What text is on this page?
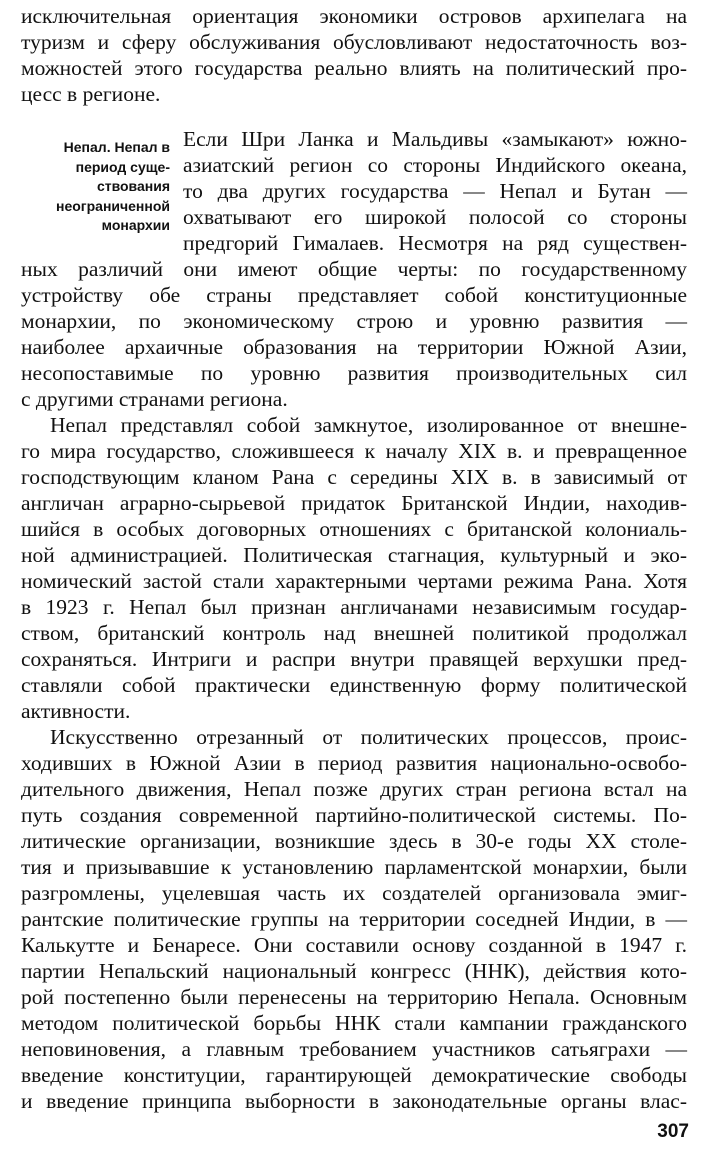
исключительная ориентация экономики островов архипелага на
туризм и сферу обслуживания обусловливают недостаточность воз-
можностей этого государства реально влиять на политический про-
цесс в регионе.
Непал. Непал в
период суще-
ствования
неограниченной
монархии
Если Шри Ланка и Мальдивы «замыкают» южно-
азиатский регион со стороны Индийского океана,
то два других государства — Непал и Бутан —
охватывают его широкой полосой со стороны
предгорий Гималаев. Несмотря на ряд существен-
ных различий они имеют общие черты: по государственному
устройству обе страны представляет собой конституционные
монархии, по экономическому строю и уровню развития —
наиболее архаичные образования на территории Южной Азии,
несопоставимые по уровню развития производительных сил
с другими странами региона.
Непал представлял собой замкнутое, изолированное от внешне-
го мира государство, сложившееся к началу XIX в. и превращенное
господствующим кланом Рана с середины XIX в. в зависимый от
англичан аграрно-сырьевой придаток Британской Индии, находив-
шийся в особых договорных отношениях с британской колониаль-
ной администрацией. Политическая стагнация, культурный и эко-
номический застой стали характерными чертами режима Рана. Хотя
в 1923 г. Непал был признан англичанами независимым государ-
ством, британский контроль над внешней политикой продолжал
сохраняться. Интриги и распри внутри правящей верхушки пред-
ставляли собой практически единственную форму политической
активности.
Искусственно отрезанный от политических процессов, проис-
ходивших в Южной Азии в период развития национально-освобо-
дительного движения, Непал позже других стран региона встал на
путь создания современной партийно-политической системы. По-
литические организации, возникшие здесь в 30-е годы XX столе-
тия и призывавшие к установлению парламентской монархии, были
разгромлены, уцелевшая часть их создателей организовала эмиг-
рантские политические группы на территории соседней Индии, в —
Калькутте и Бенаресе. Они составили основу созданной в 1947 г.
партии Непальский национальный конгресс (ННК), действия кото-
рой постепенно были перенесены на территорию Непала. Основным
методом политической борьбы ННК стали кампании гражданского
неповиновения, а главным требованием участников сатьяграхи —
введение конституции, гарантирующей демократические свободы
и введение принципа выборности в законодательные органы влас-
307
